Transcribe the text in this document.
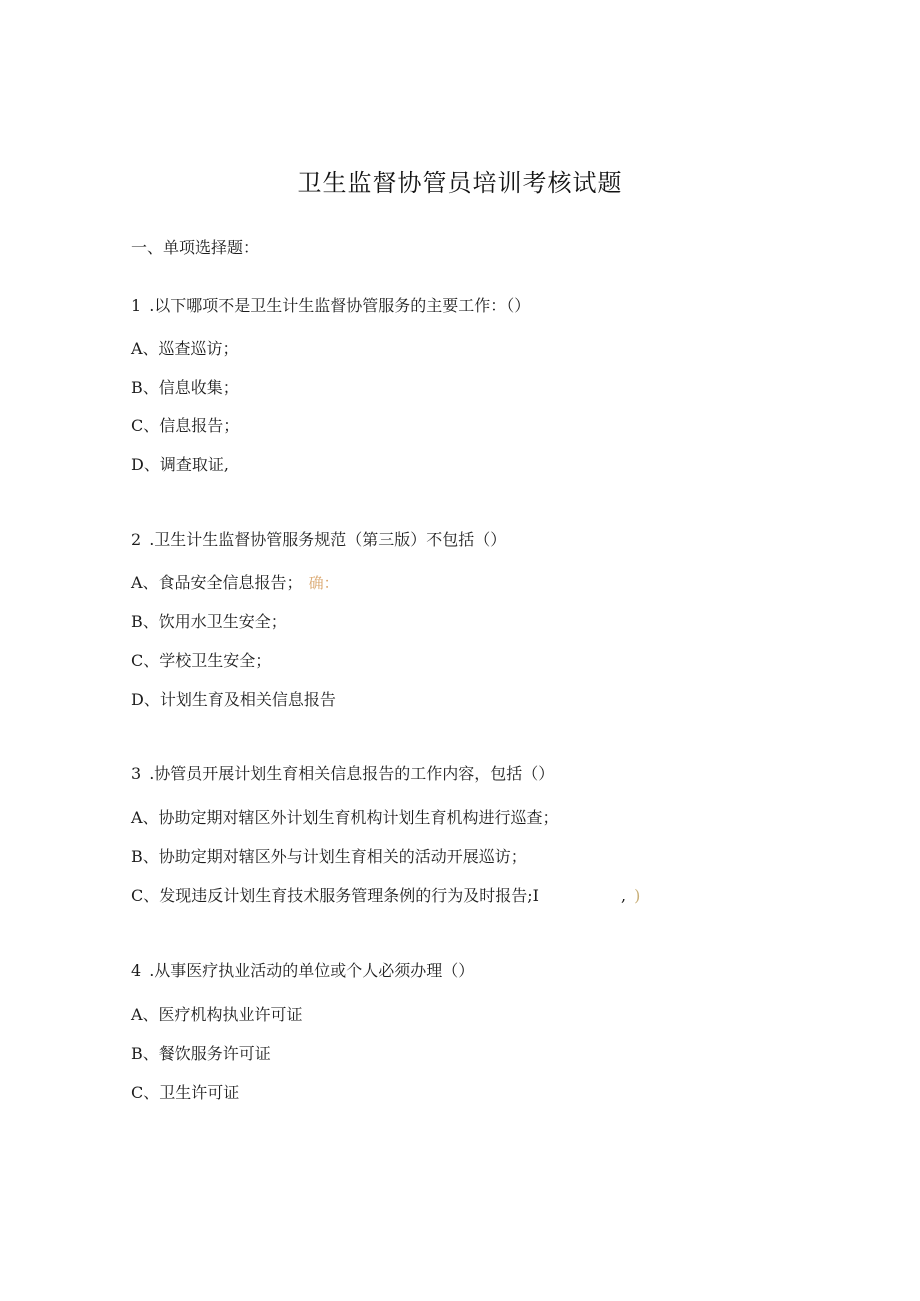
卫生监督协管员培训考核试题
一、单项选择题：
1 .以下哪项不是卫生计生监督协管服务的主要工作：（）
A、巡查巡访；
B、信息收集；
C、信息报告；
D、调查取证,
2 .卫生计生监督协管服务规范（第三版）不包括（）
A、食品安全信息报告； 确：
B、饮用水卫生安全；
C、学校卫生安全；
D、计划生育及相关信息报告
3 .协管员开展计划生育相关信息报告的工作内容，包括（）
A、协助定期对辖区外计划生育机构计划生育机构进行巡查；
B、协助定期对辖区外与计划生育相关的活动开展巡访；
C、发现违反计划生育技术服务管理条例的行为及时报告;I	, )
4 .从事医疗执业活动的单位或个人必须办理（）
A、医疗机构执业许可证
B、餐饮服务许可证
C、卫生许可证
